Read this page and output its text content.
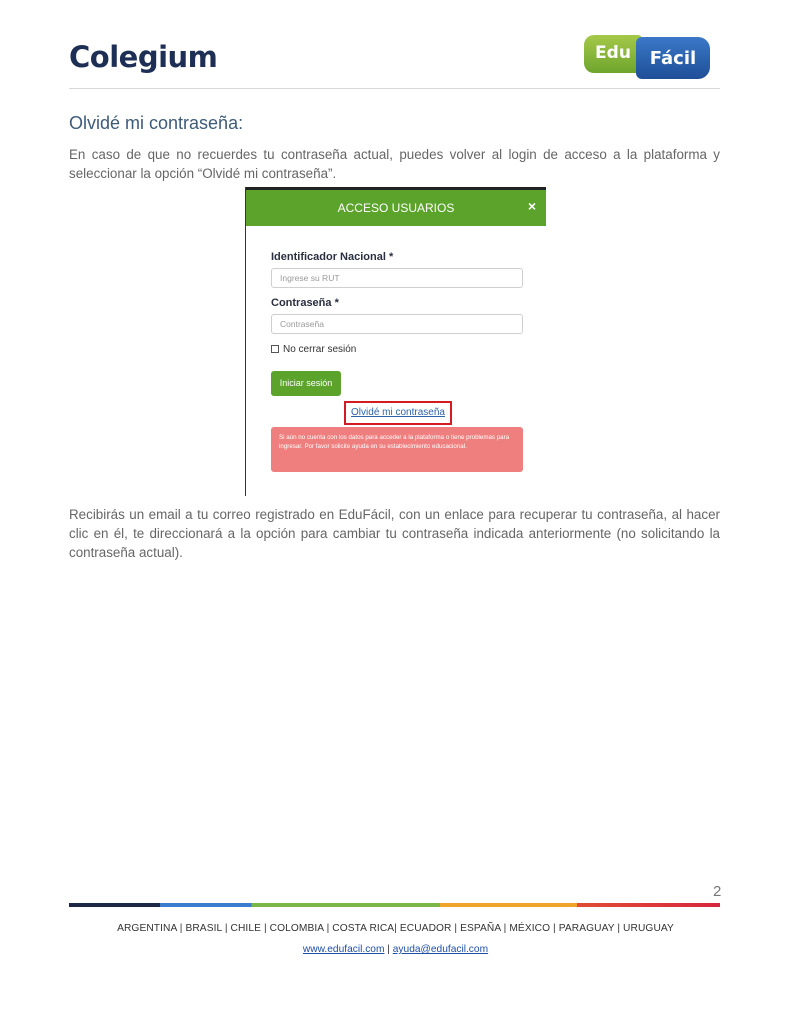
Colegium	Edu	Fácil
Olvidé mi contraseña:

En caso de que no recuerdes tu contraseña actual, puedes volver al login de acceso a la plataforma y seleccionar la opción “Olvidé mi contraseña”.

ACCESO USUARIOS	×
Identificador Nacional *
Ingrese su RUT
Contraseña *
Contraseña
No cerrar sesión
Iniciar sesión
Olvidé mi contraseña
Si aún no cuenta con los datos para acceder a la plataforma o tiene problemas para ingresar. Por favor solicite ayuda en su establecimiento educacional.

Recibirás un email a tu correo registrado en EduFácil, con un enlace para recuperar tu contraseña, al hacer clic en él, te direccionará a la opción para cambiar tu contraseña indicada anteriormente (no solicitando la contraseña actual).

2
ARGENTINA | BRASIL | CHILE | COLOMBIA | COSTA RICA| ECUADOR | ESPAÑA | MÉXICO | PARAGUAY | URUGUAY
www.edufacil.com | ayuda@edufacil.com
